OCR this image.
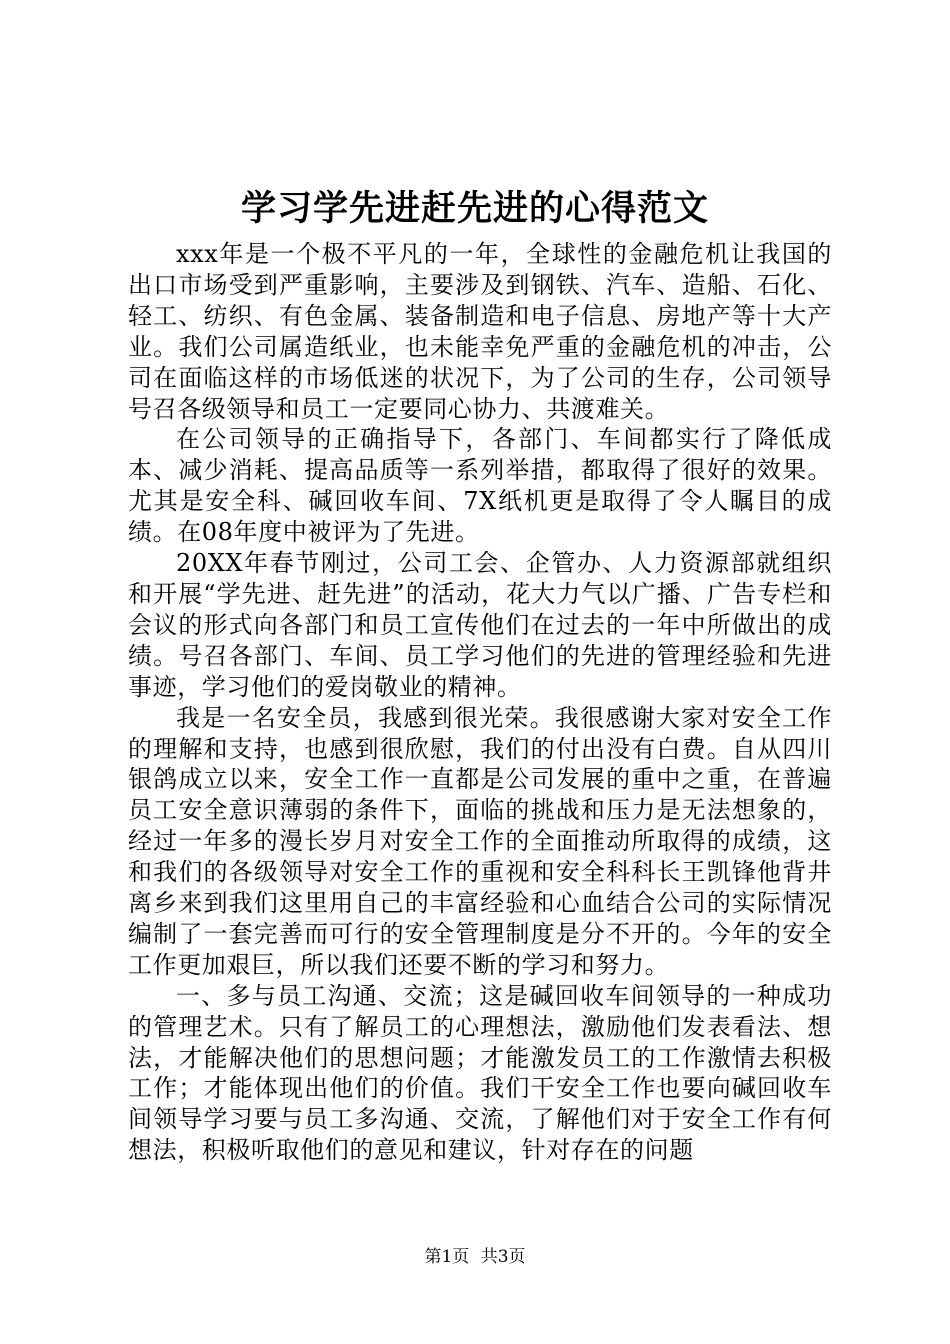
学习学先进赶先进的心得范文

xxx年是一个极不平凡的一年，全球性的金融危机让我国的出口市场受到严重影响，主要涉及到钢铁、汽车、造船、石化、轻工、纺织、有色金属、装备制造和电子信息、房地产等十大产业。我们公司属造纸业，也未能幸免严重的金融危机的冲击，公司在面临这样的市场低迷的状况下，为了公司的生存，公司领导号召各级领导和员工一定要同心协力、共渡难关。

在公司领导的正确指导下，各部门、车间都实行了降低成本、减少消耗、提高品质等一系列举措，都取得了很好的效果。尤其是安全科、碱回收车间、7X纸机更是取得了令人瞩目的成绩。在08年度中被评为了先进。

20XX年春节刚过，公司工会、企管办、人力资源部就组织和开展“学先进、赶先进”的活动，花大力气以广播、广告专栏和会议的形式向各部门和员工宣传他们在过去的一年中所做出的成绩。号召各部门、车间、员工学习他们的先进的管理经验和先进事迹，学习他们的爱岗敬业的精神。

我是一名安全员，我感到很光荣。我很感谢大家对安全工作的理解和支持，也感到很欣慰，我们的付出没有白费。自从四川银鸽成立以来，安全工作一直都是公司发展的重中之重，在普遍员工安全意识薄弱的条件下，面临的挑战和压力是无法想象的，经过一年多的漫长岁月对安全工作的全面推动所取得的成绩，这和我们的各级领导对安全工作的重视和安全科科长王凯锋他背井离乡来到我们这里用自己的丰富经验和心血结合公司的实际情况编制了一套完善而可行的安全管理制度是分不开的。今年的安全工作更加艰巨，所以我们还要不断的学习和努力。

一、多与员工沟通、交流；这是碱回收车间领导的一种成功的管理艺术。只有了解员工的心理想法，激励他们发表看法、想法，才能解决他们的思想问题；才能激发员工的工作激情去积极工作；才能体现出他们的价值。我们干安全工作也要向碱回收车间领导学习要与员工多沟通、交流，了解他们对于安全工作有何想法，积极听取他们的意见和建议，针对存在的问题

第1页 共3页
